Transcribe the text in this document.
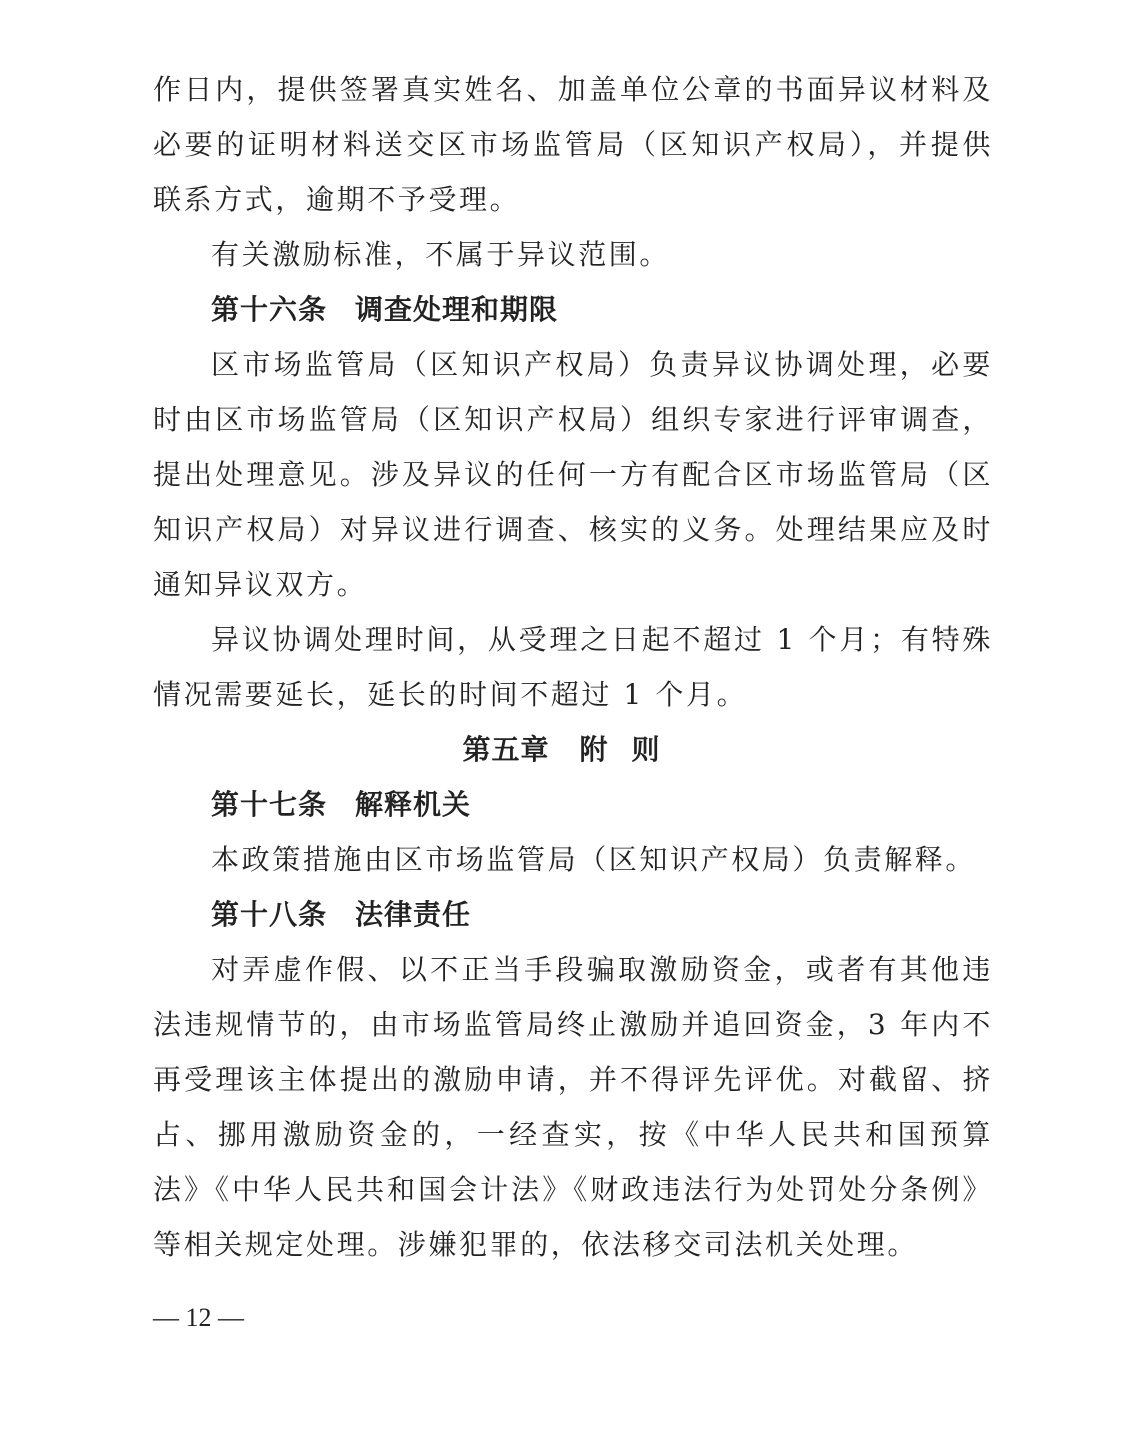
作日内，提供签署真实姓名、加盖单位公章的书面异议材料及必要的证明材料送交区市场监管局（区知识产权局），并提供联系方式，逾期不予受理。

有关激励标准，不属于异议范围。

第十六条 调查处理和期限

区市场监管局（区知识产权局）负责异议协调处理，必要时由区市场监管局（区知识产权局）组织专家进行评审调查，提出处理意见。涉及异议的任何一方有配合区市场监管局（区知识产权局）对异议进行调查、核实的义务。处理结果应及时通知异议双方。

异议协调处理时间，从受理之日起不超过 1 个月；有特殊情况需要延长，延长的时间不超过 1 个月。

第五章 附则

第十七条 解释机关

本政策措施由区市场监管局（区知识产权局）负责解释。

第十八条 法律责任

对弄虚作假、以不正当手段骗取激励资金，或者有其他违法违规情节的，由市场监管局终止激励并追回资金，3 年内不再受理该主体提出的激励申请，并不得评先评优。对截留、挤占、挪用激励资金的，一经查实，按《中华人民共和国预算法》《中华人民共和国会计法》《财政违法行为处罚处分条例》等相关规定处理。涉嫌犯罪的，依法移交司法机关处理。

— 12 —
